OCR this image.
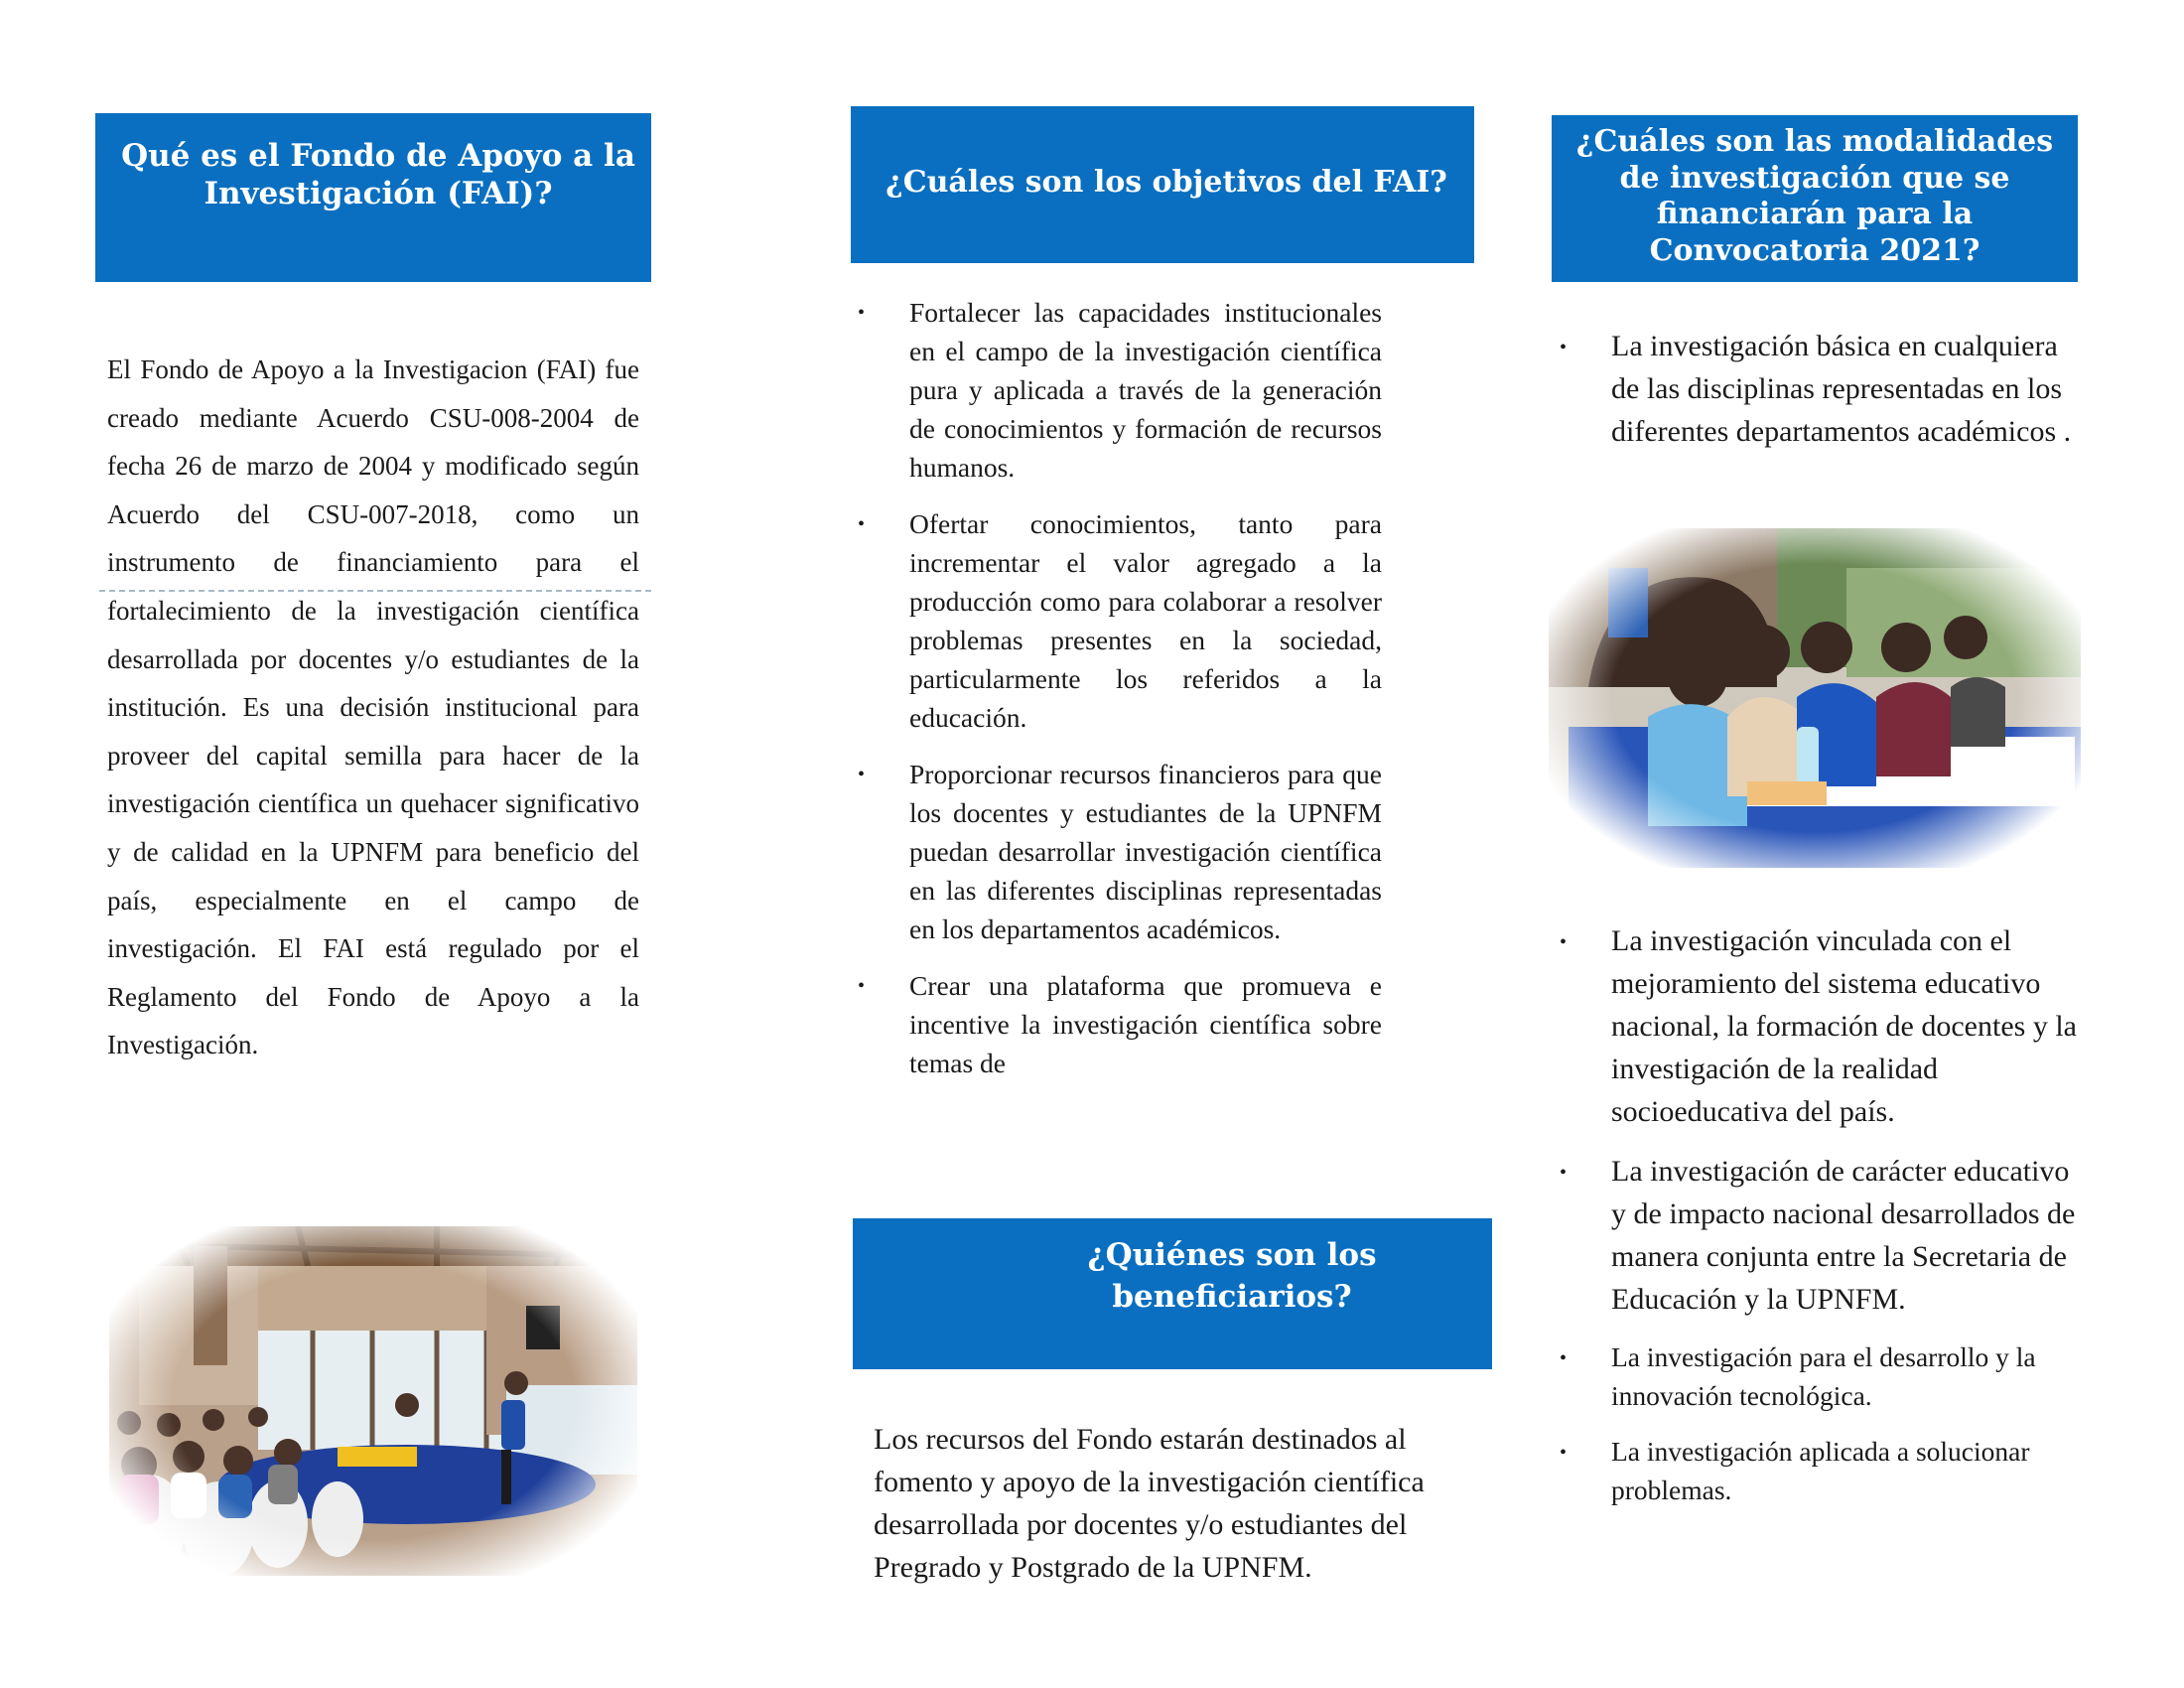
Qué es el Fondo de Apoyo a la Investigación (FAI)?
El Fondo de Apoyo a la Investigacion (FAI) fue creado mediante Acuerdo CSU-008-2004 de fecha 26 de marzo de 2004 y modificado según Acuerdo del CSU-007-2018, como un instrumento de financiamiento para el fortalecimiento de la investigación científica desarrollada por docentes y/o estudiantes de la institución. Es una decisión institucional para proveer del capital semilla para hacer de la investigación científica un quehacer significativo y de calidad en la UPNFM para beneficio del país, especialmente en el campo de investigación. El FAI está regulado por el Reglamento del Fondo de Apoyo a la Investigación.
¿Cuáles son los objetivos del FAI?
• Fortalecer las capacidades institucionales en el campo de la investigación científica pura y aplicada a través de la generación de conocimientos y formación de recursos humanos.
• Ofertar conocimientos, tanto para incrementar el valor agregado a la producción como para colaborar a resolver problemas presentes en la sociedad, particularmente los referidos a la educación.
• Proporcionar recursos financieros para que los docentes y estudiantes de la UPNFM puedan desarrollar investigación científica en las diferentes disciplinas representadas en los departamentos académicos.
• Crear una plataforma que promueva e incentive la investigación científica sobre temas de
¿Quiénes son los beneficiarios?
Los recursos del Fondo estarán destinados al fomento y apoyo de la investigación científica desarrollada por docentes y/o estudiantes del Pregrado y Postgrado de la UPNFM.
¿Cuáles son las modalidades de investigación que se financiarán para la Convocatoria 2021?
• La investigación básica en cualquiera de las disciplinas representadas en los diferentes departamentos académicos .
• La investigación vinculada con el mejoramiento del sistema educativo nacional, la formación de docentes y la investigación de la realidad socioeducativa del país.
• La investigación de carácter educativo y de impacto nacional desarrollados de manera conjunta entre la Secretaria de Educación y la UPNFM.
• La investigación para el desarrollo y la innovación tecnológica.
• La investigación aplicada a solucionar problemas.
